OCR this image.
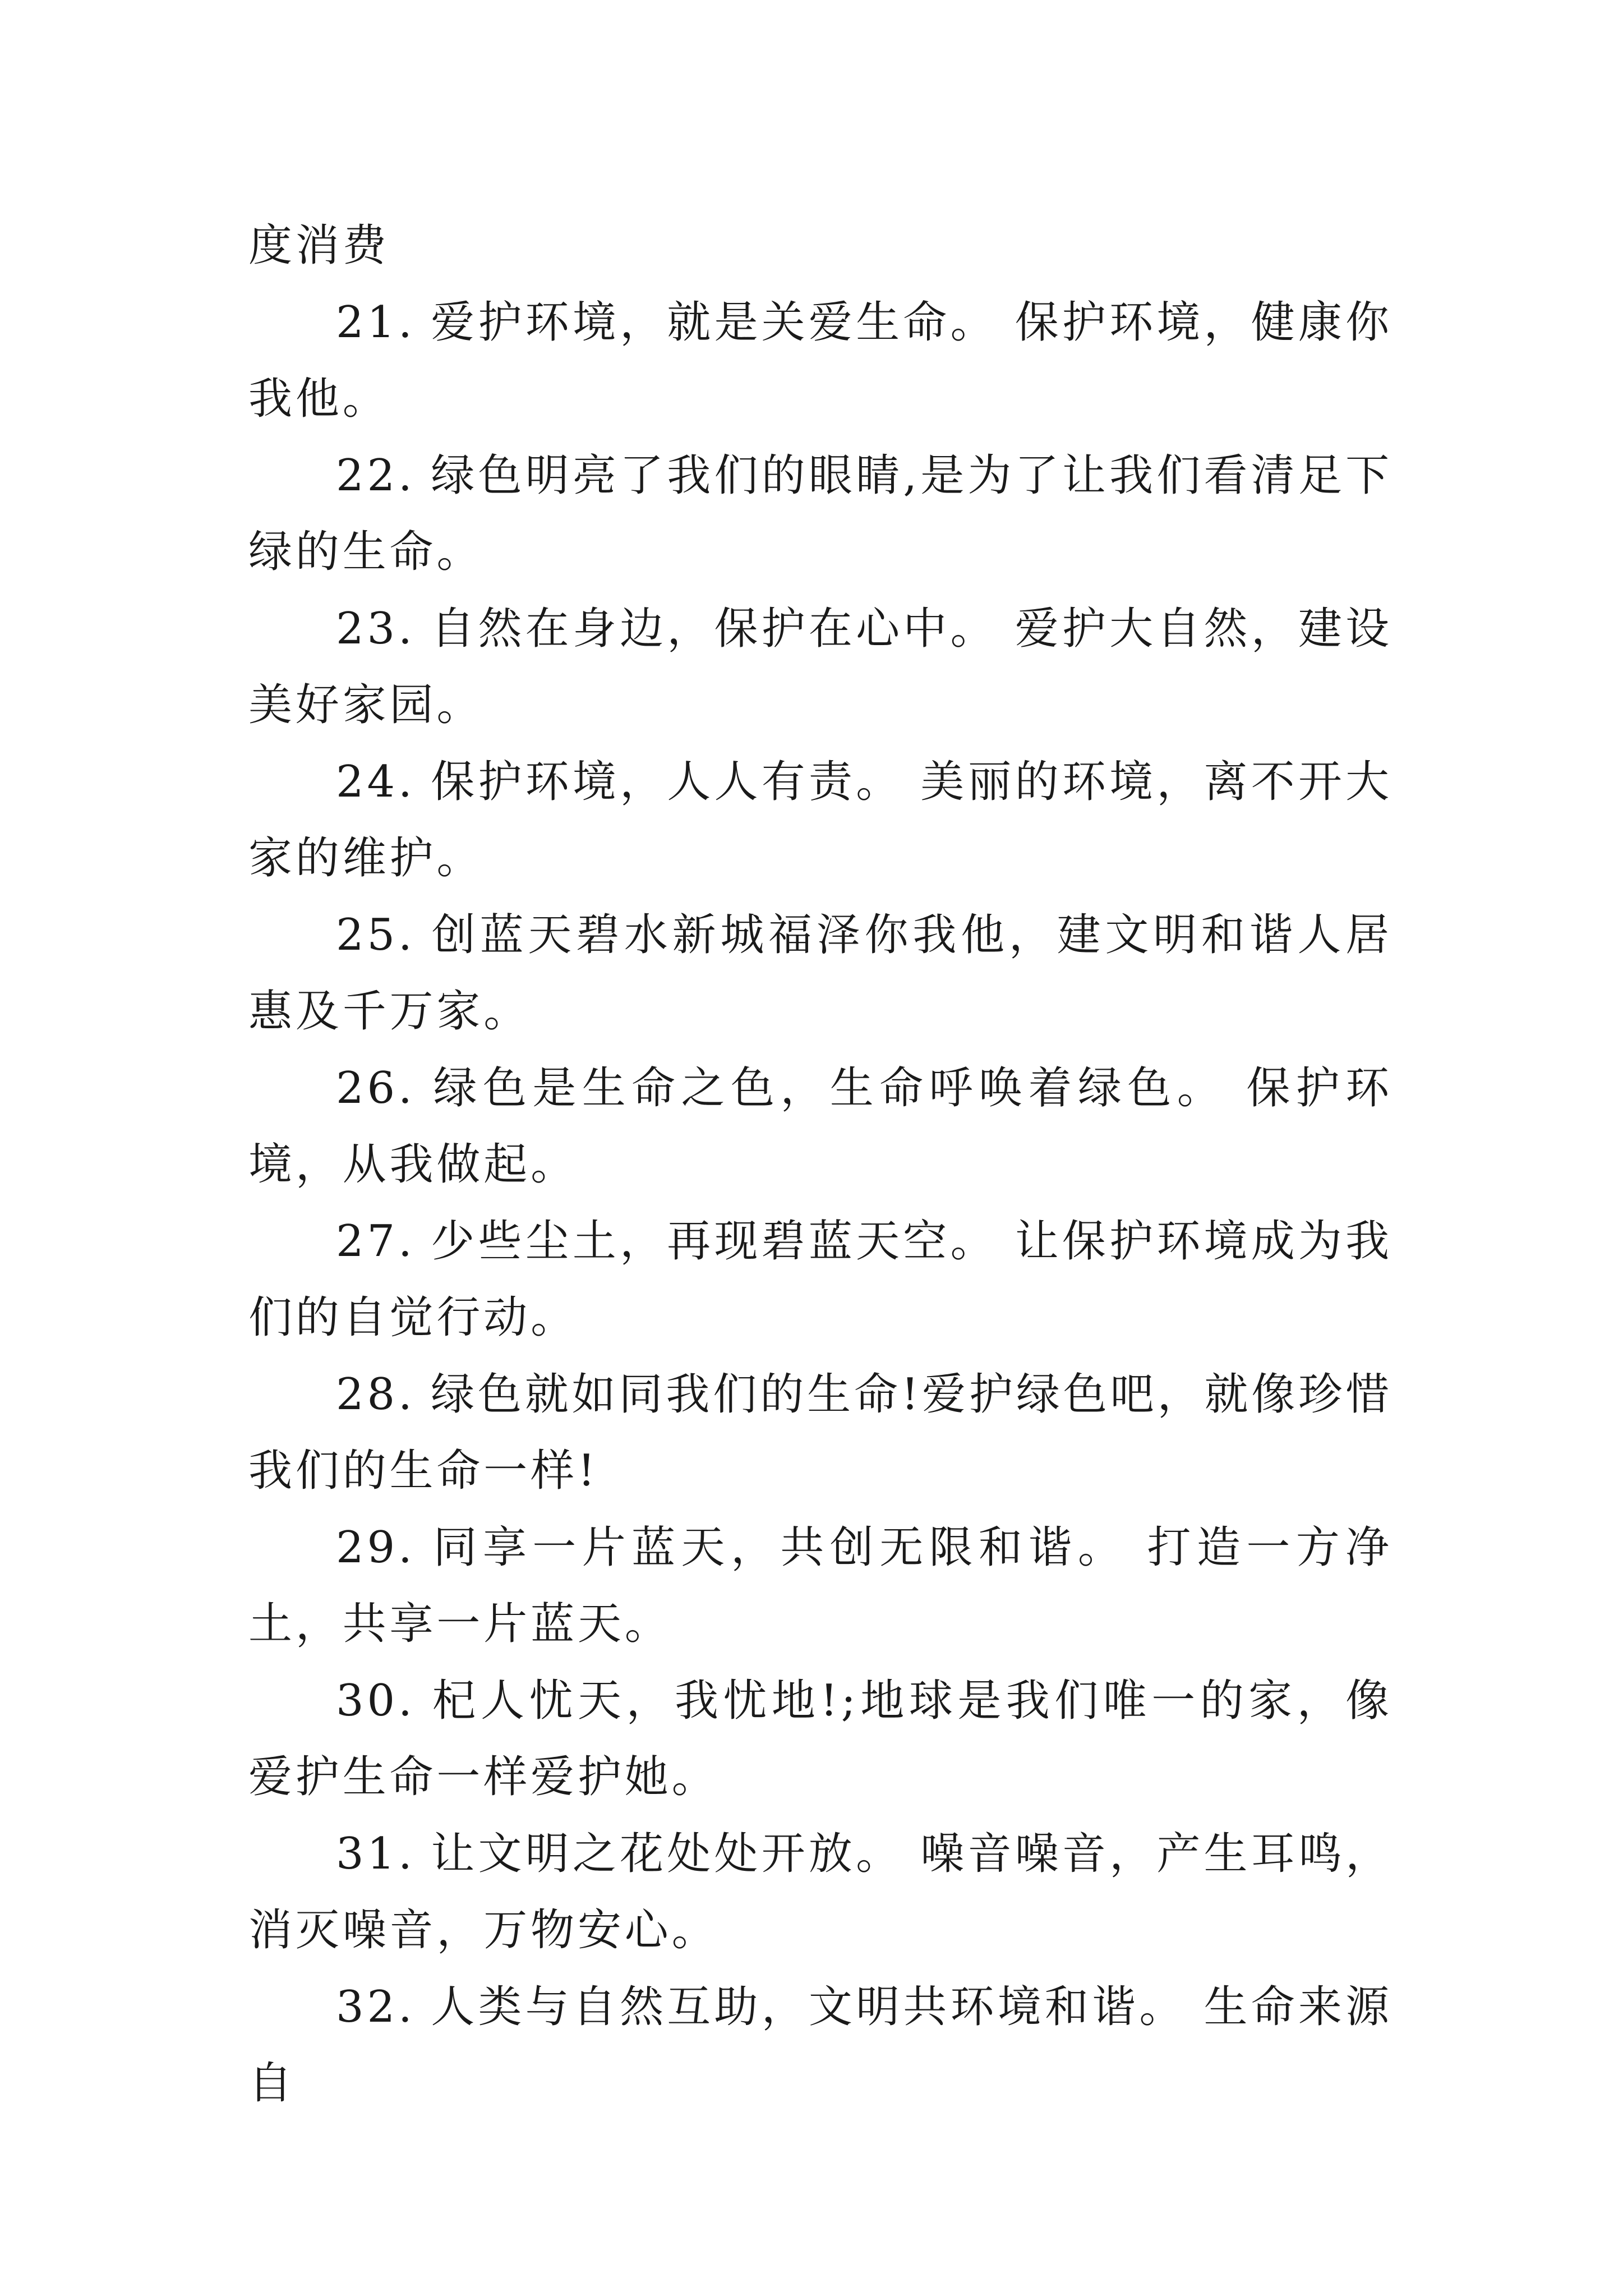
度消费

21. 爱护环境，就是关爱生命。 保护环境，健康你我他。

22. 绿色明亮了我们的眼睛,是为了让我们看清足下绿的生命。

23. 自然在身边，保护在心中。 爱护大自然，建设美好家园。

24. 保护环境，人人有责。 美丽的环境，离不开大家的维护。

25. 创蓝天碧水新城福泽你我他，建文明和谐人居惠及千万家。

26. 绿色是生命之色，生命呼唤着绿色。 保护环境，从我做起。

27. 少些尘土，再现碧蓝天空。 让保护环境成为我们的自觉行动。

28. 绿色就如同我们的生命!爱护绿色吧，就像珍惜我们的生命一样!

29. 同享一片蓝天，共创无限和谐。 打造一方净土，共享一片蓝天。

30. 杞人忧天，我忧地!;地球是我们唯一的家，像爱护生命一样爱护她。

31. 让文明之花处处开放。 噪音噪音，产生耳鸣，消灭噪音，万物安心。

32. 人类与自然互助，文明共环境和谐。 生命来源自
